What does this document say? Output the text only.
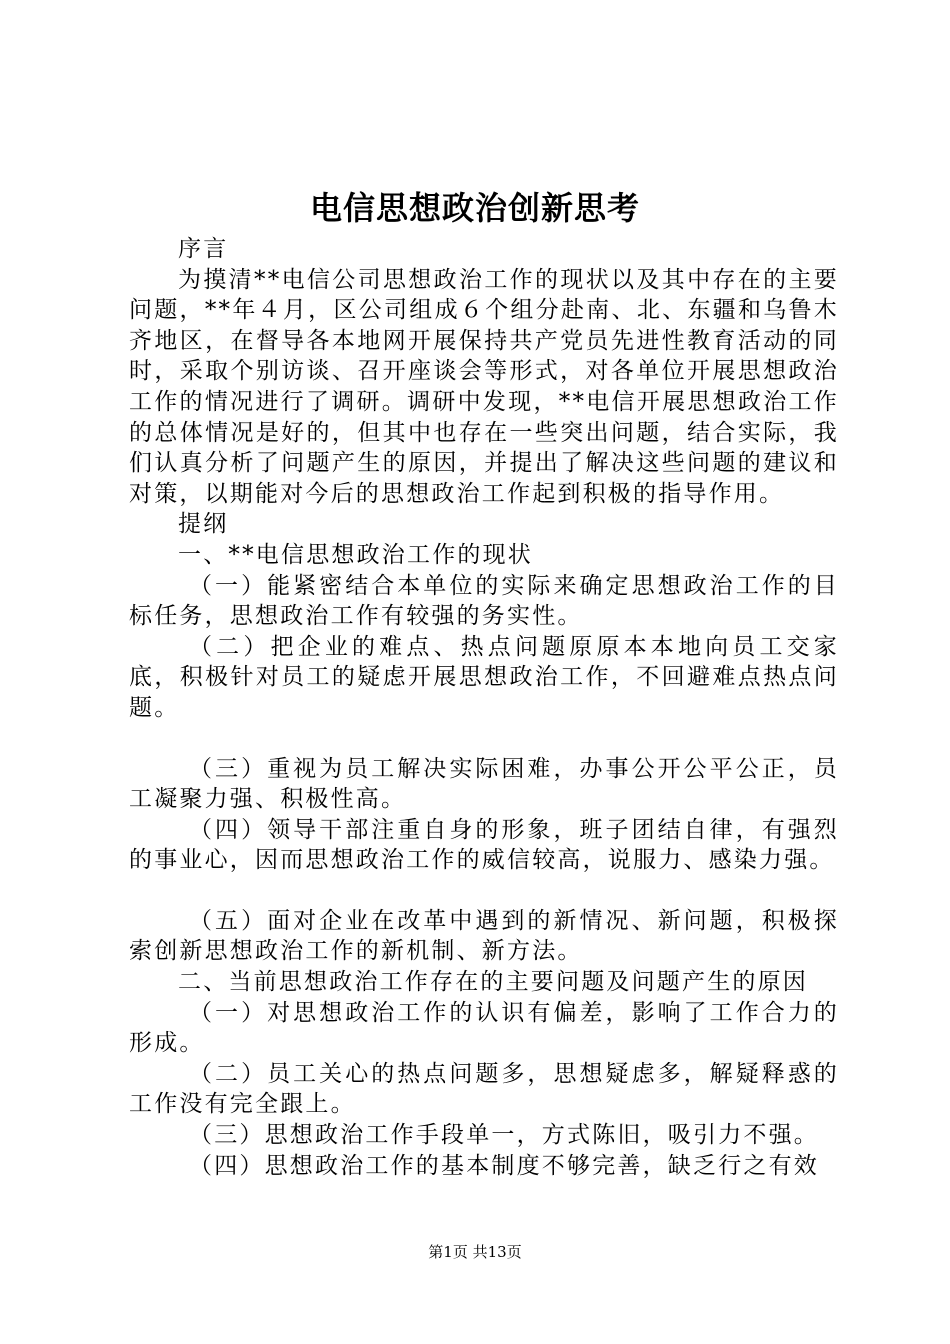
电信思想政治创新思考

序言

为摸清**电信公司思想政治工作的现状以及其中存在的主要问题，**年４月，区公司组成６个组分赴南、北、东疆和乌鲁木齐地区，在督导各本地网开展保持共产党员先进性教育活动的同时，采取个别访谈、召开座谈会等形式，对各单位开展思想政治工作的情况进行了调研。调研中发现，**电信开展思想政治工作的总体情况是好的，但其中也存在一些突出问题，结合实际，我们认真分析了问题产生的原因，并提出了解决这些问题的建议和对策，以期能对今后的思想政治工作起到积极的指导作用。

提纲

一、**电信思想政治工作的现状

（一）能紧密结合本单位的实际来确定思想政治工作的目标任务，思想政治工作有较强的务实性。

（二）把企业的难点、热点问题原原本本地向员工交家底，积极针对员工的疑虑开展思想政治工作，不回避难点热点问题。

（三）重视为员工解决实际困难，办事公开公平公正，员工凝聚力强、积极性高。

（四）领导干部注重自身的形象，班子团结自律，有强烈的事业心，因而思想政治工作的威信较高，说服力、感染力强。

（五）面对企业在改革中遇到的新情况、新问题，积极探索创新思想政治工作的新机制、新方法。

二、当前思想政治工作存在的主要问题及问题产生的原因

（一）对思想政治工作的认识有偏差，影响了工作合力的形成。

（二）员工关心的热点问题多，思想疑虑多，解疑释惑的工作没有完全跟上。

（三）思想政治工作手段单一，方式陈旧，吸引力不强。

（四）思想政治工作的基本制度不够完善，缺乏行之有效

第1页 共13页
